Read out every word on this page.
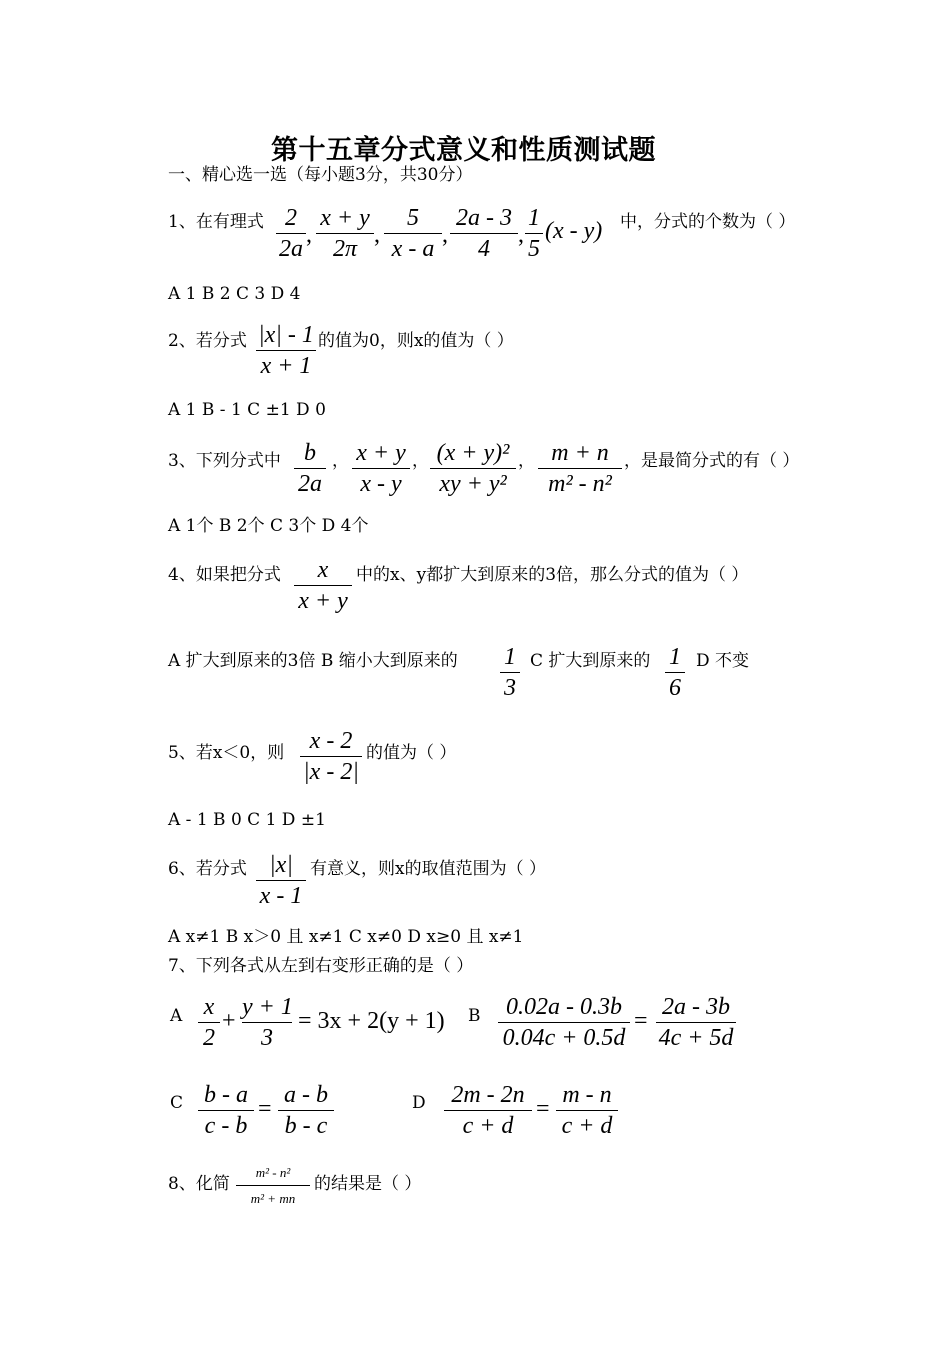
第十五章分式意义和性质测试题
一、精心选一选（每小题3分，共30分）
1、在有理式 2
2a
,
x + y
2π
,
5
x - a
,
2a - 3
4
,
1
5
(x - y) 中，分式的个数为（ ）
A 1 B 2 C 3 D 4
2、若分式 |x| - 1
x + 1
的值为0，则x的值为（ ）
A 1 B - 1 C ±1 D 0
3、下列分式中 b
2a
， x + y
x - y
， (x + y)²
xy + y²
， m + n
m² - n²
，是最简分式的有（ ）
A 1个 B 2个 C 3个 D 4个
4、如果把分式	x
x + y
中的x、y都扩大到原来的3倍，那么分式的值为（ ）
A 扩大到原来的3倍 B 缩小大到原来的 1
3
C 扩大到原来的 1
6
D 不变
5、若x＜0，则	x - 2
|x - 2|
的值为（ ）
A - 1 B 0 C 1 D ±1
6、若分式 |x|
x - 1
有意义，则x的取值范围为（ ）
A x≠1 B x＞0 且 x≠1 C x≠0 D x≥0 且 x≠1
7、下列各式从左到右变形正确的是（ ）
A x
2
+
y + 1
3
= 3x + 2(y + 1) B	0.02a - 0.3b
0.04c + 0.5d
=
2a - 3b
4c + 5d
C b - a
c - b
=
a - b
b - c
D	2m - 2n
c + d
=
m - n
c + d
8、化简
m² - n²
m² + mn
的结果是（ ）
